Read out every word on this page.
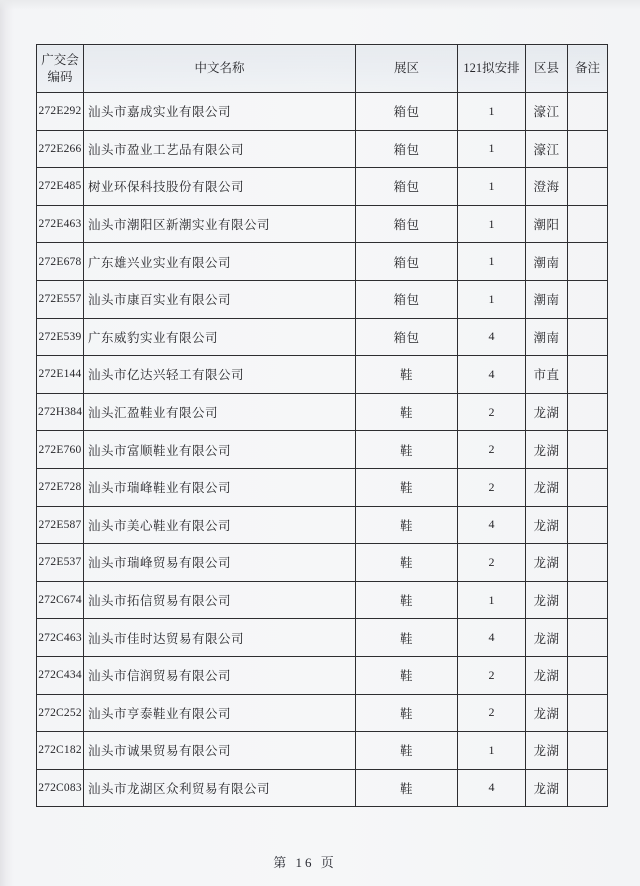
广交会编码	中文名称	展区	121拟安排	区县	备注
272E292	汕头市嘉成实业有限公司	箱包	1	濠江	
272E266	汕头市盈业工艺品有限公司	箱包	1	濠江	
272E485	树业环保科技股份有限公司	箱包	1	澄海	
272E463	汕头市潮阳区新潮实业有限公司	箱包	1	潮阳	
272E678	广东雄兴业实业有限公司	箱包	1	潮南	
272E557	汕头市康百实业有限公司	箱包	1	潮南	
272E539	广东威豹实业有限公司	箱包	4	潮南	
272E144	汕头市亿达兴轻工有限公司	鞋	4	市直	
272H384	汕头汇盈鞋业有限公司	鞋	2	龙湖	
272E760	汕头市富顺鞋业有限公司	鞋	2	龙湖	
272E728	汕头市瑞峰鞋业有限公司	鞋	2	龙湖	
272E587	汕头市美心鞋业有限公司	鞋	4	龙湖	
272E537	汕头市瑞峰贸易有限公司	鞋	2	龙湖	
272C674	汕头市拓信贸易有限公司	鞋	1	龙湖	
272C463	汕头市佳时达贸易有限公司	鞋	4	龙湖	
272C434	汕头市信润贸易有限公司	鞋	2	龙湖	
272C252	汕头市亨泰鞋业有限公司	鞋	2	龙湖	
272C182	汕头市诚果贸易有限公司	鞋	1	龙湖	
272C083	汕头市龙湖区众利贸易有限公司	鞋	4	龙湖	
第 16 页
